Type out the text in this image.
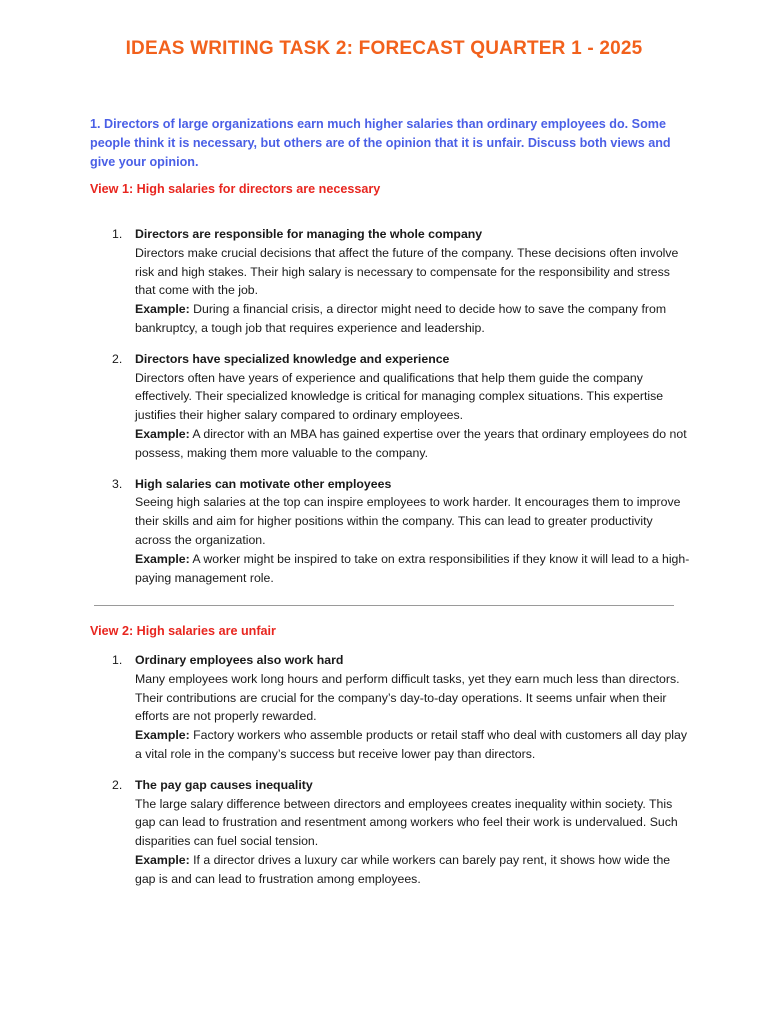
IDEAS WRITING TASK 2: FORECAST QUARTER 1 - 2025
1. Directors of large organizations earn much higher salaries than ordinary employees do. Some people think it is necessary, but others are of the opinion that it is unfair. Discuss both views and give your opinion.
View 1: High salaries for directors are necessary
1. Directors are responsible for managing the whole company
Directors make crucial decisions that affect the future of the company. These decisions often involve risk and high stakes. Their high salary is necessary to compensate for the responsibility and stress that come with the job.
Example: During a financial crisis, a director might need to decide how to save the company from bankruptcy, a tough job that requires experience and leadership.
2. Directors have specialized knowledge and experience
Directors often have years of experience and qualifications that help them guide the company effectively. Their specialized knowledge is critical for managing complex situations. This expertise justifies their higher salary compared to ordinary employees.
Example: A director with an MBA has gained expertise over the years that ordinary employees do not possess, making them more valuable to the company.
3. High salaries can motivate other employees
Seeing high salaries at the top can inspire employees to work harder. It encourages them to improve their skills and aim for higher positions within the company. This can lead to greater productivity across the organization.
Example: A worker might be inspired to take on extra responsibilities if they know it will lead to a high-paying management role.
View 2: High salaries are unfair
1. Ordinary employees also work hard
Many employees work long hours and perform difficult tasks, yet they earn much less than directors. Their contributions are crucial for the company’s day-to-day operations. It seems unfair when their efforts are not properly rewarded.
Example: Factory workers who assemble products or retail staff who deal with customers all day play a vital role in the company’s success but receive lower pay than directors.
2. The pay gap causes inequality
The large salary difference between directors and employees creates inequality within society. This gap can lead to frustration and resentment among workers who feel their work is undervalued. Such disparities can fuel social tension.
Example: If a director drives a luxury car while workers can barely pay rent, it shows how wide the gap is and can lead to frustration among employees.
